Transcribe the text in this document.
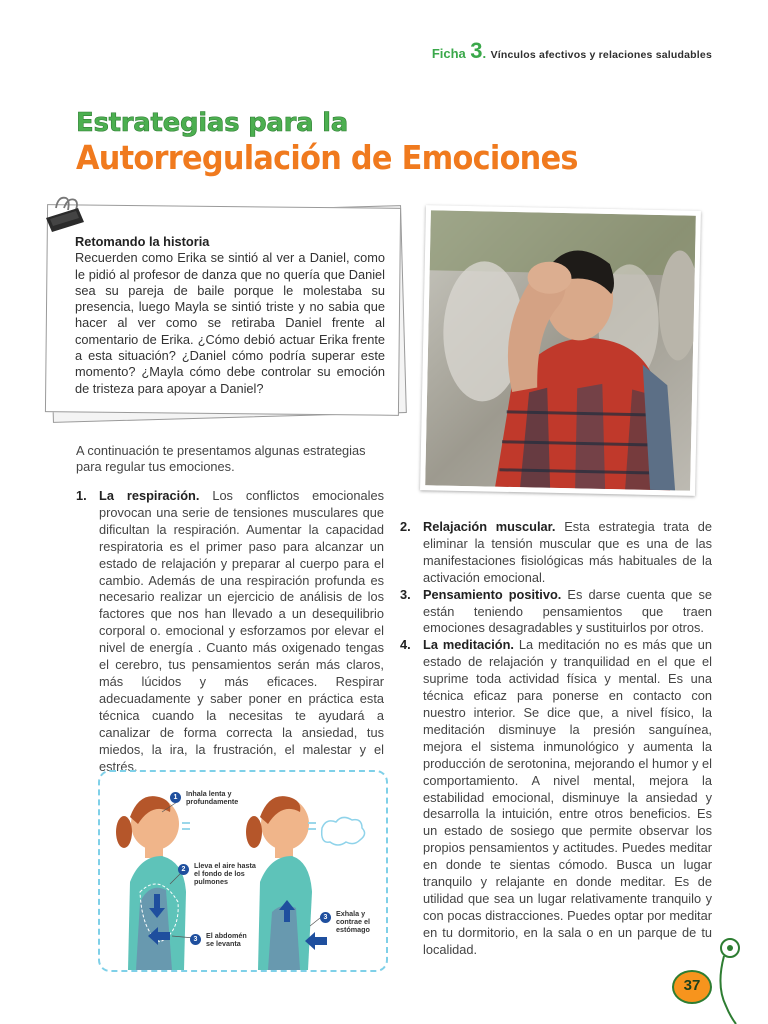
Ficha 3. Vínculos afectivos y relaciones saludables
Estrategias para la
Autorregulación de Emociones
Retomando la historia
Recuerden como Erika se sintió al ver a Daniel, como le pidió al profesor de danza que no quería que Daniel sea su pareja de baile porque le molestaba su presencia, luego Mayla se sintió triste y no sabia que hacer al ver como se retiraba Daniel frente al comentario de Erika. ¿Cómo debió actuar Erika frente a esta situación? ¿Daniel cómo podría superar este momento? ¿Mayla cómo debe controlar su emoción de tristeza para apoyar a Daniel?
A continuación te presentamos algunas estrategias para regular tus emociones.
1. La respiración. Los conflictos emocionales provocan una serie de tensiones musculares que dificultan la respiración. Aumentar la capacidad respiratoria es el primer paso para alcanzar un estado de relajación y preparar al cuerpo para el cambio. Además de una respiración profunda es necesario realizar un ejercicio de análisis de los factores que nos han llevado a un desequilibrio corporal o. emocional y esforzamos por elevar el nivel de energía . Cuanto más oxigenado tengas el cerebro, tus pensamientos serán más claros, más lúcidos y más eficaces. Respirar adecuadamente y saber poner en práctica esta técnica cuando la necesitas te ayudará a canalizar de forma correcta la ansiedad, tus miedos, la ira, la frustración, el malestar y el estrés.
2. Relajación muscular. Esta estrategia trata de eliminar la tensión muscular que es una de las manifestaciones fisiológicas más habituales de la activación emocional.
3. Pensamiento positivo. Es darse cuenta que se están teniendo pensamientos que traen emociones desagradables y sustituirlos por otros.
4. La meditación. La meditación no es más que un estado de relajación y tranquilidad en el que el suprime toda actividad física y mental. Es una técnica eficaz para ponerse en contacto con nuestro interior. Se dice que, a nivel físico, la meditación disminuye la presión sanguínea, mejora el sistema inmunológico y aumenta la producción de serotonina, mejorando el humor y el comportamiento. A nivel mental, mejora la estabilidad emocional, disminuye la ansiedad y desarrolla la intuición, entre otros beneficios. Es un estado de sosiego que permite observar los propios pensamientos y actitudes. Puedes meditar en donde te sientas cómodo. Busca un lugar tranquilo y relajante en donde meditar. Es de utilidad que sea un lugar relativamente tranquilo y con pocas distracciones. Puedes optar por meditar en tu dormitorio, en la sala o en un parque de tu localidad.
1	Inhala lenta y profundamente
2	Lleva el aire hasta el fondo de los pulmones
3	El abdomén se levanta
3	Exhala y contrae el estómago
37
